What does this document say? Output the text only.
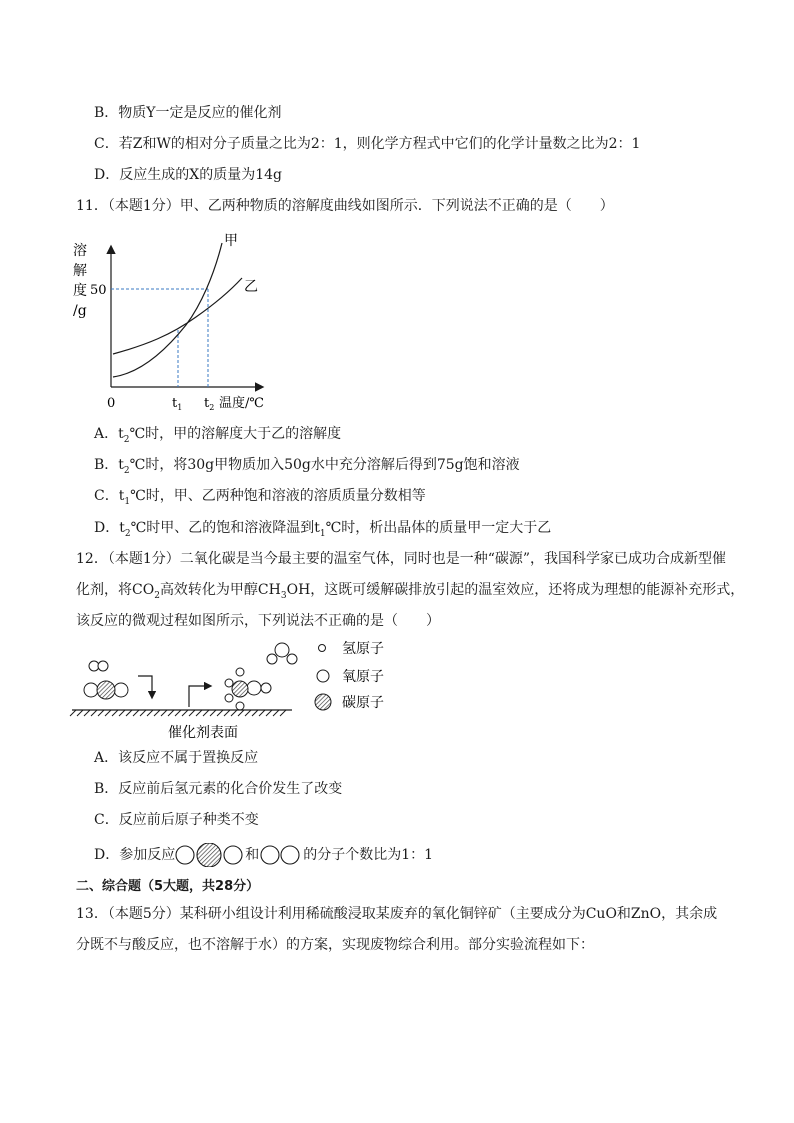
B．物质Y一定是反应的催化剂
C．若Z和W的相对分子质量之比为2：1，则化学方程式中它们的化学计量数之比为2：1
D．反应生成的X的质量为14g
11．（本题1分）甲、乙两种物质的溶解度曲线如图所示．下列说法不正确的是（　　）
溶
解
度
/g
50
0
甲
乙
$t_1$ $t_2$ 温度/℃
A．$t_2℃$时，甲的溶解度大于乙的溶解度
B．$t_2℃$时，将30g甲物质加入50g水中充分溶解后得到75g饱和溶液
C．$t_1℃$时，甲、乙两种饱和溶液的溶质质量分数相等
D．$t_2℃$时甲、乙的饱和溶液降温到$t_1℃$时，析出晶体的质量甲一定大于乙
12．（本题1分）二氧化碳是当今最主要的温室气体，同时也是一种“碳源”，我国科学家已成功合成新型催
化剂，将$CO_2$高效转化为甲醇$CH_3OH$，这既可缓解碳排放引起的温室效应，还将成为理想的能源补充形式，
该反应的微观过程如图所示，下列说法不正确的是（　　）
催化剂表面
氢原子
氧原子
碳原子
A．该反应不属于置换反应
B．反应前后氢元素的化合价发生了改变
C．反应前后原子种类不变
D．参加反应	和	的分子个数比为1：1
二、综合题（5大题，共28分）
13．（本题5分）某科研小组设计利用稀硫酸浸取某废弃的氧化铜锌矿（主要成分为CuO和ZnO，其余成
分既不与酸反应，也不溶解于水）的方案，实现废物综合利用。部分实验流程如下：
